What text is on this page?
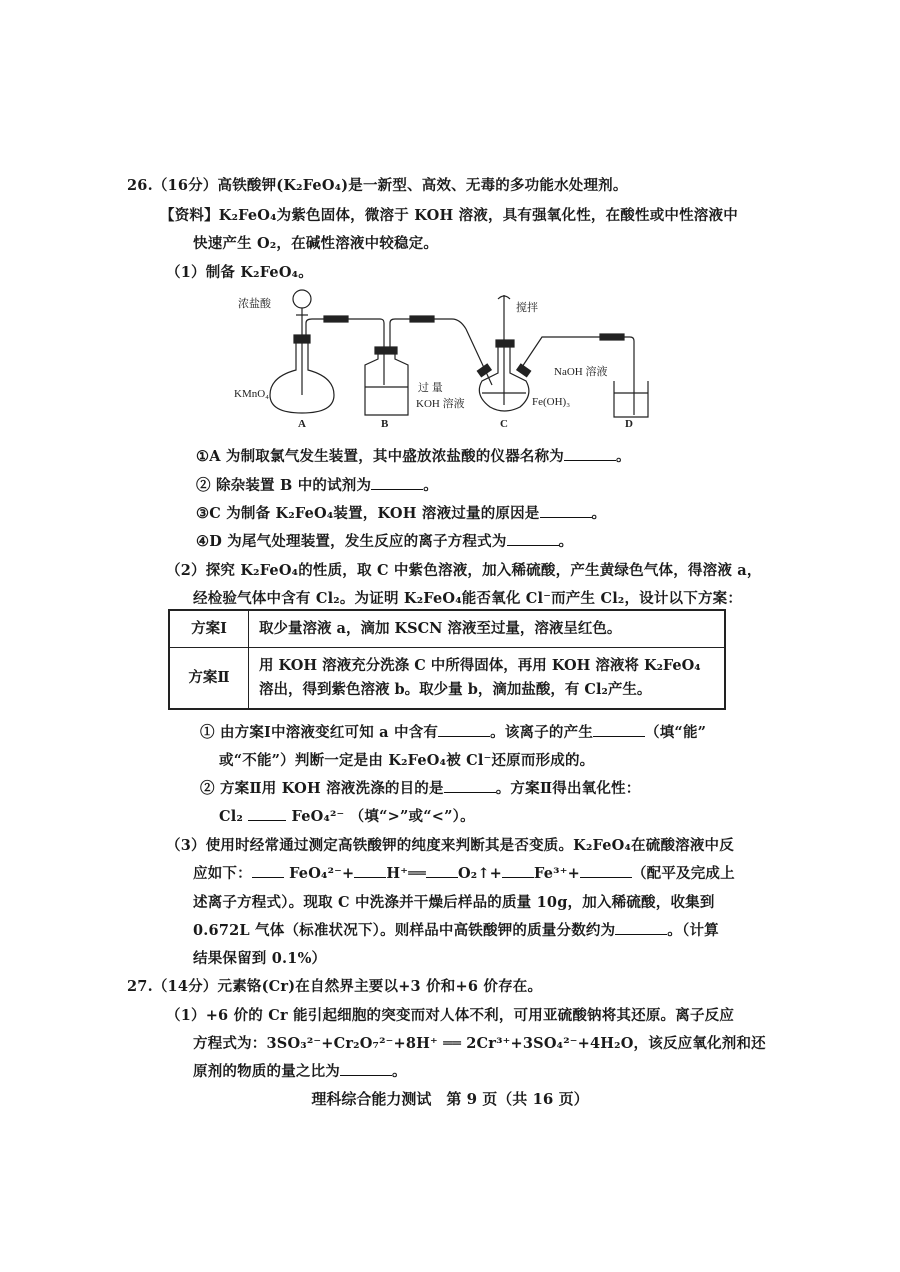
26.（16分）高铁酸钾(K₂FeO₄)是一新型、高效、无毒的多功能水处理剂。
【资料】K₂FeO₄为紫色固体，微溶于 KOH 溶液，具有强氧化性，在酸性或中性溶液中
快速产生 O₂，在碱性溶液中较稳定。
（1）制备 K₂FeO₄。
浓盐酸
KMnO₄
搅拌
过 量
KOH 溶液	Fe(OH)₃
NaOH 溶液
A	B	C	D
①A 为制取氯气发生装置，其中盛放浓盐酸的仪器名称为	。
② 除杂装置 B 中的试剂为	。
③C 为制备 K₂FeO₄装置，KOH 溶液过量的原因是	。
④D 为尾气处理装置，发生反应的离子方程式为	。
（2）探究 K₂FeO₄的性质，取 C 中紫色溶液，加入稀硫酸，产生黄绿色气体，得溶液 a，
经检验气体中含有 Cl₂。为证明 K₂FeO₄能否氧化 Cl⁻而产生 Cl₂，设计以下方案：
方案Ⅰ	取少量溶液 a，滴加 KSCN 溶液至过量，溶液呈红色。
方案Ⅱ	用 KOH 溶液充分洗涤 C 中所得固体，再用 KOH 溶液将 K₂FeO₄溶出，得到紫色溶液 b。取少量 b，滴加盐酸，有 Cl₂产生。
① 由方案Ⅰ中溶液变红可知 a 中含有	。该离子的产生	（填“能”
或“不能”）判断一定是由 K₂FeO₄被 Cl⁻还原而形成的。
② 方案Ⅱ用 KOH 溶液洗涤的目的是	。方案Ⅱ得出氧化性：
Cl₂	FeO₄²⁻ （填“>”或“<”）。
（3）使用时经常通过测定高铁酸钾的纯度来判断其是否变质。K₂FeO₄在硫酸溶液中反
应如下：	FeO₄²⁻+ H⁺══ O₂↑+ Fe³⁺+	（配平及完成上
述离子方程式）。现取 C 中洗涤并干燥后样品的质量 10g，加入稀硫酸，收集到
0.672L 气体（标准状况下）。则样品中高铁酸钾的质量分数约为	。（计算
结果保留到 0.1%）
27.（14分）元素铬(Cr)在自然界主要以+3 价和+6 价存在。
（1）+6 价的 Cr 能引起细胞的突变而对人体不利，可用亚硫酸钠将其还原。离子反应
方程式为：3SO₃²⁻+Cr₂O₇²⁻+8H⁺ ══ 2Cr³⁺+3SO₄²⁻+4H₂O，该反应氧化剂和还
原剂的物质的量之比为	。
理科综合能力测试　第 9 页（共 16 页）
